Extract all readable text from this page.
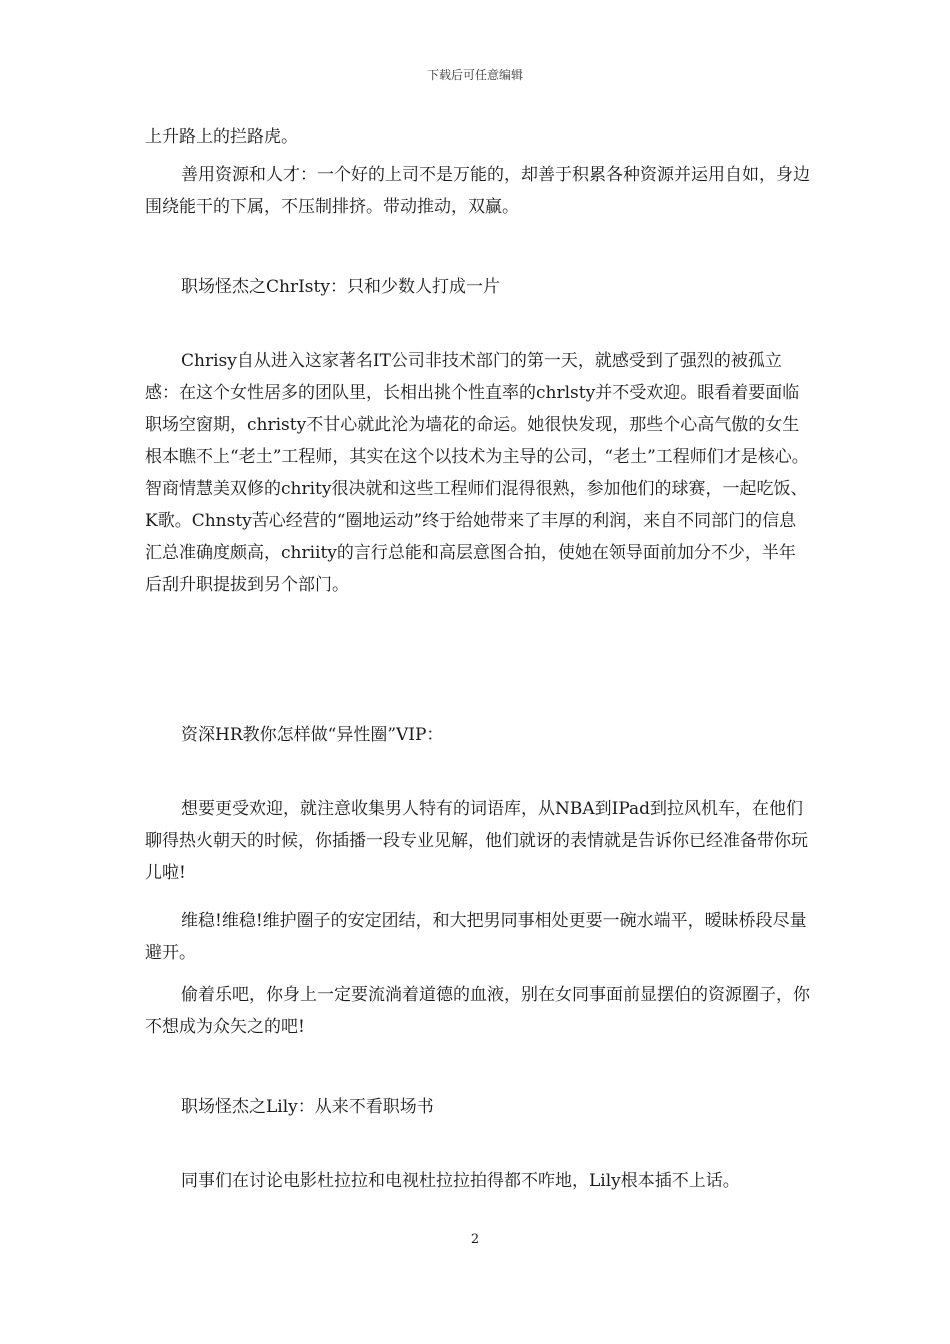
下载后可任意编辑

上升路上的拦路虎。

善用资源和人才：一个好的上司不是万能的，却善于积累各种资源并运用自如，身边围绕能干的下属，不压制排挤。带动推动，双赢。

职场怪杰之ChrIsty：只和少数人打成一片

Chrisy自从进入这家著名IT公司非技术部门的第一天，就感受到了强烈的被孤立感：在这个女性居多的团队里，长相出挑个性直率的chrlsty并不受欢迎。眼看着要面临职场空窗期，christy不甘心就此沦为墙花的命运。她很快发现，那些个心高气傲的女生根本瞧不上“老土”工程师，其实在这个以技术为主导的公司，“老土”工程师们才是核心。智商情慧美双修的chrity很决就和这些工程师们混得很熟，参加他们的球赛，一起吃饭、K歌。Chnsty苦心经营的“圈地运动”终于给她带来了丰厚的利润，来自不同部门的信息汇总准确度颇高，chriity的言行总能和高层意图合拍，使她在领导面前加分不少，半年后刮升职提拔到另个部门。

资深HR教你怎样做“异性圈”VIP：

想要更受欢迎，就注意收集男人特有的词语库，从NBA到IPad到拉风机车，在他们聊得热火朝天的时候，你插播一段专业见解，他们就讶的表情就是告诉你已经准备带你玩儿啦!

维稳!维稳!维护圈子的安定团结，和大把男同事相处更要一碗水端平，暧昧桥段尽量避开。

偷着乐吧，你身上一定要流淌着道德的血液，别在女同事面前显摆伯的资源圈子，你不想成为众矢之的吧!

职场怪杰之Lily：从来不看职场书

同事们在讨论电影杜拉拉和电视杜拉拉拍得都不咋地，Lily根本插不上话。

2
